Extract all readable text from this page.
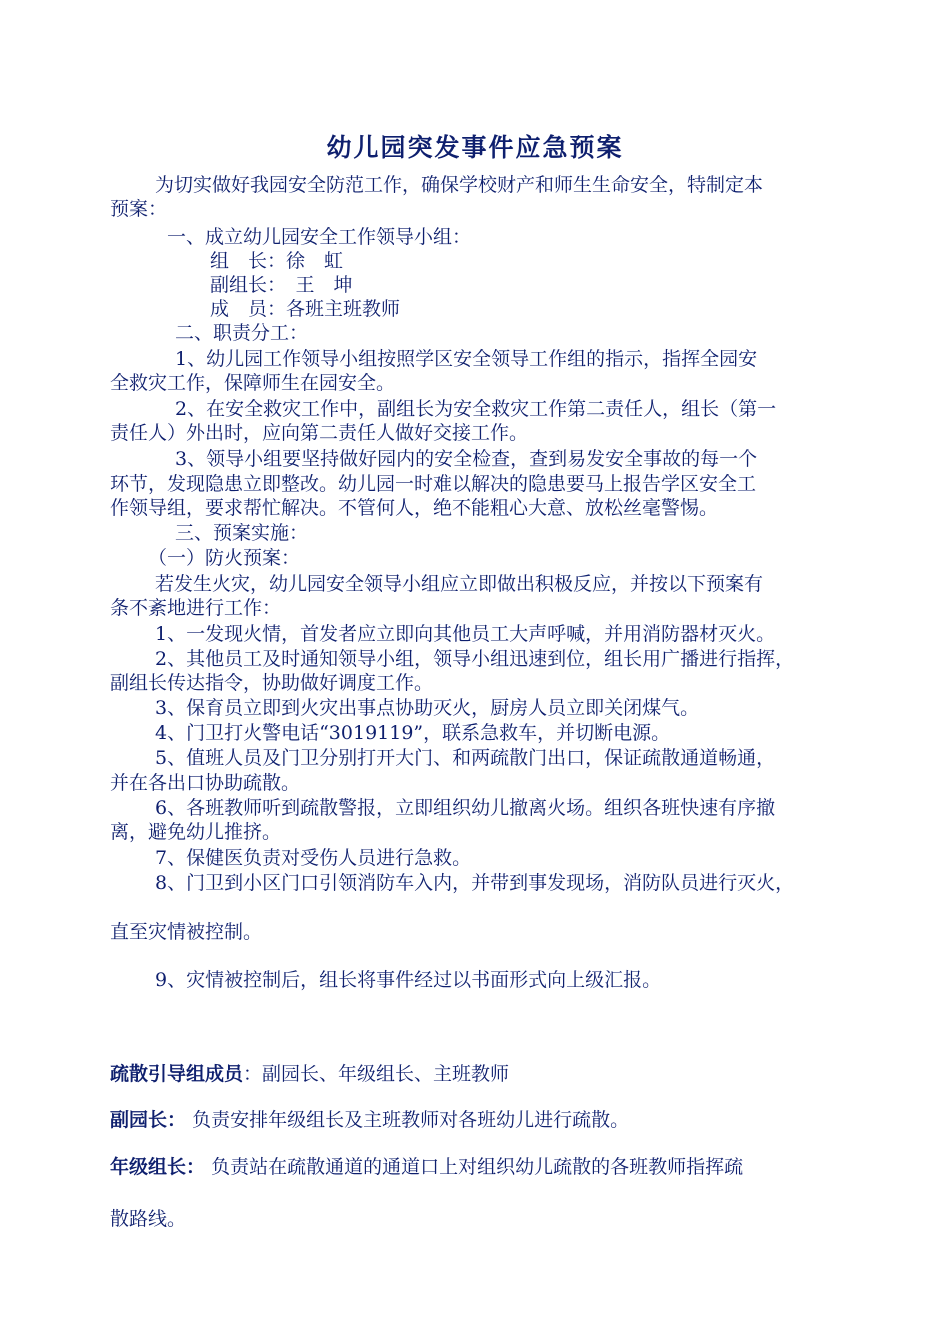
幼儿园突发事件应急预案
为切实做好我园安全防范工作，确保学校财产和师生生命安全，特制定本
预案：
一、成立幼儿园安全工作领导小组：
组　长：徐　虹
副组长：　王　坤
成　员：各班主班教师
二、职责分工：
1、幼儿园工作领导小组按照学区安全领导工作组的指示，指挥全园安
全救灾工作，保障师生在园安全。
2、在安全救灾工作中，副组长为安全救灾工作第二责任人，组长（第一
责任人）外出时，应向第二责任人做好交接工作。
3、领导小组要坚持做好园内的安全检查，查到易发安全事故的每一个
环节，发现隐患立即整改。幼儿园一时难以解决的隐患要马上报告学区安全工
作领导组，要求帮忙解决。不管何人，绝不能粗心大意、放松丝毫警惕。
三、预案实施：
（一）防火预案：
若发生火灾，幼儿园安全领导小组应立即做出积极反应，并按以下预案有
条不紊地进行工作：
1、一发现火情，首发者应立即向其他员工大声呼喊，并用消防器材灭火。
2、其他员工及时通知领导小组，领导小组迅速到位，组长用广播进行指挥，
副组长传达指令，协助做好调度工作。
3、保育员立即到火灾出事点协助灭火，厨房人员立即关闭煤气。
4、门卫打火警电话“3019119”，联系急救车，并切断电源。
5、值班人员及门卫分别打开大门、和两疏散门出口，保证疏散通道畅通，
并在各出口协助疏散。
6、各班教师听到疏散警报，立即组织幼儿撤离火场。组织各班快速有序撤
离，避免幼儿推挤。
7、保健医负责对受伤人员进行急救。
8、门卫到小区门口引领消防车入内，并带到事发现场，消防队员进行灭火，
直至灾情被控制。
9、灾情被控制后，组长将事件经过以书面形式向上级汇报。
疏散引导组成员：副园长、年级组长、主班教师
副园长： 负责安排年级组长及主班教师对各班幼儿进行疏散。
年级组长： 负责站在疏散通道的通道口上对组织幼儿疏散的各班教师指挥疏
散路线。
